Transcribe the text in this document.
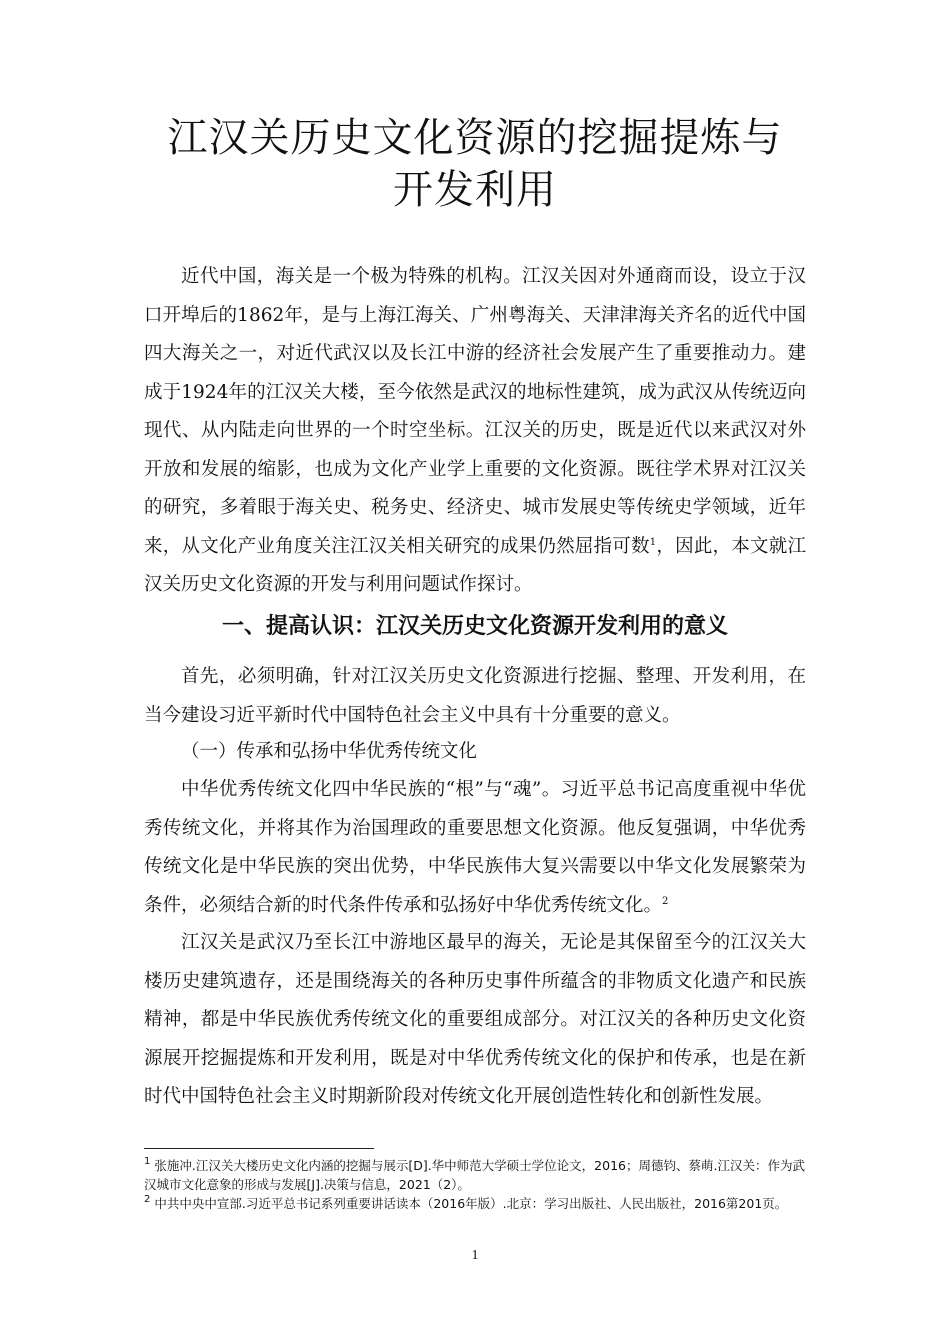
江汉关历史文化资源的挖掘提炼与
开发利用

近代中国，海关是一个极为特殊的机构。江汉关因对外通商而设，设立于汉口开埠后的1862年，是与上海江海关、广州粤海关、天津津海关齐名的近代中国四大海关之一，对近代武汉以及长江中游的经济社会发展产生了重要推动力。建成于1924年的江汉关大楼，至今依然是武汉的地标性建筑，成为武汉从传统迈向现代、从内陆走向世界的一个时空坐标。江汉关的历史，既是近代以来武汉对外开放和发展的缩影，也成为文化产业学上重要的文化资源。既往学术界对江汉关的研究，多着眼于海关史、税务史、经济史、城市发展史等传统史学领域，近年来，从文化产业角度关注江汉关相关研究的成果仍然屈指可数$^1$，因此，本文就江汉关历史文化资源的开发与利用问题试作探讨。

一、提高认识：江汉关历史文化资源开发利用的意义

首先，必须明确，针对江汉关历史文化资源进行挖掘、整理、开发利用，在当今建设习近平新时代中国特色社会主义中具有十分重要的意义。

（一）传承和弘扬中华优秀传统文化

中华优秀传统文化四中华民族的“根”与“魂”。习近平总书记高度重视中华优秀传统文化，并将其作为治国理政的重要思想文化资源。他反复强调，中华优秀传统文化是中华民族的突出优势，中华民族伟大复兴需要以中华文化发展繁荣为条件，必须结合新的时代条件传承和弘扬好中华优秀传统文化。$^2$

江汉关是武汉乃至长江中游地区最早的海关，无论是其保留至今的江汉关大楼历史建筑遗存，还是围绕海关的各种历史事件所蕴含的非物质文化遗产和民族精神，都是中华民族优秀传统文化的重要组成部分。对江汉关的各种历史文化资源展开挖掘提炼和开发利用，既是对中华优秀传统文化的保护和传承，也是在新时代中国特色社会主义时期新阶段对传统文化开展创造性转化和创新性发展。

$^1$ 张施冲.江汉关大楼历史文化内涵的挖掘与展示[D].华中师范大学硕士学位论文，2016；周德钧、蔡萌.江汉关：作为武汉城市文化意象的形成与发展[J].决策与信息，2021（2）。

$^2$ 中共中央中宣部.习近平总书记系列重要讲话读本（2016年版）.北京：学习出版社、人民出版社，2016第201页。

1
